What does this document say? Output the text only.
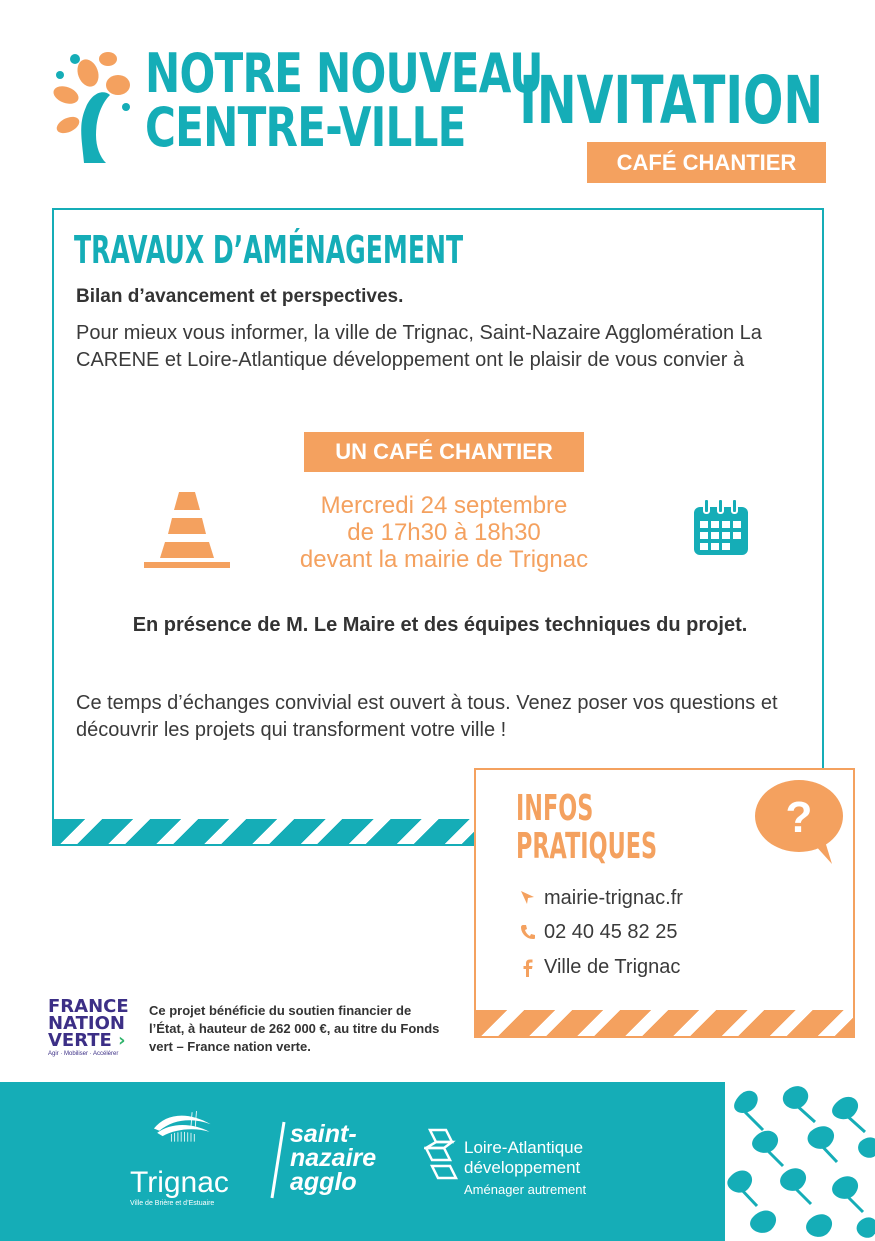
NOTRE NOUVEAU
CENTRE-VILLE INVITATION
CAFÉ CHANTIER
TRAVAUX D’AMÉNAGEMENT
Bilan d’avancement et perspectives.
Pour mieux vous informer, la ville de Trignac, Saint-Nazaire Agglomération La CARENE et Loire-Atlantique développement ont le plaisir de vous convier à
UN CAFÉ CHANTIER
Mercredi 24 septembre
de 17h30 à 18h30
devant la mairie de Trignac
En présence de M. Le Maire et des équipes techniques du projet.
Ce temps d’échanges convivial est ouvert à tous. Venez poser vos questions et découvrir les projets qui transforment votre ville !
INFOS
PRATIQUES
?
mairie-trignac.fr
02 40 45 82 25
Ville de Trignac
FRANCE
NATION
VERTE ›
Agir · Mobiliser · Accélérer
Ce projet bénéficie du soutien financier de l’État, à hauteur de 262 000 €, au titre du Fonds vert – France nation verte.
Trignac
Ville de Brière et d’Estuaire
saint-
nazaire
agglo
Loire-Atlantique
développement
Aménager autrement
